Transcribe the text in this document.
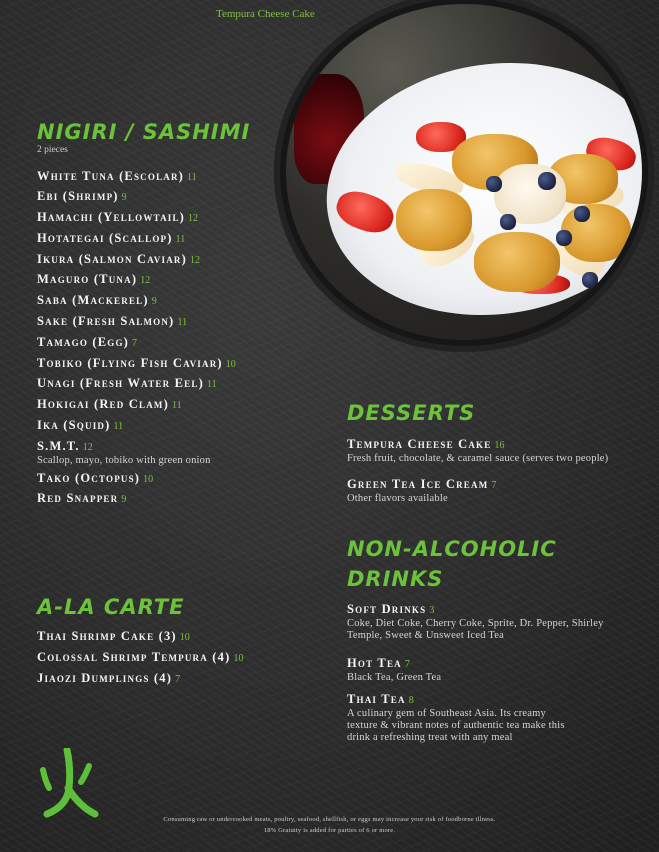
Tempura Cheese Cake
NIGIRI / SASHIMI
2 pieces
White Tuna (Escolar) 11
Ebi (Shrimp) 9
Hamachi (Yellowtail) 12
Hotategai (Scallop) 11
Ikura (Salmon Caviar) 12
Maguro (Tuna) 12
Saba (Mackerel) 9
Sake (Fresh Salmon) 11
Tamago (Egg) 7
Tobiko (Flying Fish Caviar) 10
Unagi (Fresh Water Eel) 11
Hokigai (Red Clam) 11
Ika (Squid) 11
S.M.T. 12
Scallop, mayo, tobiko with green onion
Tako (Octopus) 10
Red Snapper 9
A-LA CARTE
Thai Shrimp Cake (3) 10
Colossal Shrimp Tempura (4) 10
Jiaozi Dumplings (4) 7
DESSERTS
Tempura Cheese Cake 16
Fresh fruit, chocolate, & caramel sauce (serves two people)
Green Tea Ice Cream 7
Other flavors available
NON-ALCOHOLIC
DRINKS
Soft Drinks 3
Coke, Diet Coke, Cherry Coke, Sprite, Dr. Pepper, Shirley Temple, Sweet & Unsweet Iced Tea
Hot Tea 7
Black Tea, Green Tea
Thai Tea 8
A culinary gem of Southeast Asia. Its creamy texture & vibrant notes of authentic tea make this drink a refreshing treat with any meal
Consuming raw or undercooked meats, poultry, seafood, shellfish, or eggs may increase your risk of foodborne illness.
18% Gratuity is added for parties of 6 or more.
